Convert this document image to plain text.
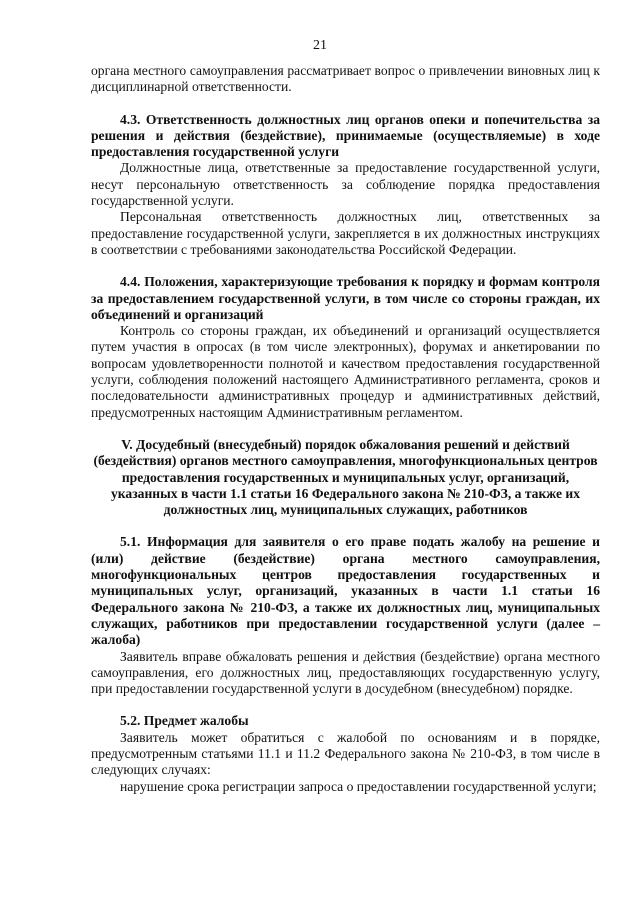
21

органа местного самоуправления рассматривает вопрос о привлечении виновных лиц к дисциплинарной ответственности.

4.3. Ответственность должностных лиц органов опеки и попечительства за решения и действия (бездействие), принимаемые (осуществляемые) в ходе предоставления государственной услуги

Должностные лица, ответственные за предоставление государственной услуги, несут персональную ответственность за соблюдение порядка предоставления государственной услуги.

Персональная ответственность должностных лиц, ответственных за предоставление государственной услуги, закрепляется в их должностных инструкциях в соответствии с требованиями законодательства Российской Федерации.

4.4. Положения, характеризующие требования к порядку и формам контроля за предоставлением государственной услуги, в том числе со стороны граждан, их объединений и организаций

Контроль со стороны граждан, их объединений и организаций осуществляется путем участия в опросах (в том числе электронных), форумах и анкетировании по вопросам удовлетворенности полнотой и качеством предоставления государственной услуги, соблюдения положений настоящего Административного регламента, сроков и последовательности административных процедур и административных действий, предусмотренных настоящим Административным регламентом.

V. Досудебный (внесудебный) порядок обжалования решений и действий (бездействия) органов местного самоуправления, многофункциональных центров предоставления государственных и муниципальных услуг, организаций, указанных в части 1.1 статьи 16 Федерального закона № 210-ФЗ, а также их должностных лиц, муниципальных служащих, работников

5.1. Информация для заявителя о его праве подать жалобу на решение и (или) действие (бездействие) органа местного самоуправления, многофункциональных центров предоставления государственных и муниципальных услуг, организаций, указанных в части 1.1 статьи 16 Федерального закона № 210-ФЗ, а также их должностных лиц, муниципальных служащих, работников при предоставлении государственной услуги (далее – жалоба)

Заявитель вправе обжаловать решения и действия (бездействие) органа местного самоуправления, его должностных лиц, предоставляющих государственную услугу, при предоставлении государственной услуги в досудебном (внесудебном) порядке.

5.2. Предмет жалобы

Заявитель может обратиться с жалобой по основаниям и в порядке, предусмотренным статьями 11.1 и 11.2 Федерального закона № 210-ФЗ, в том числе в следующих случаях:

нарушение срока регистрации запроса о предоставлении государственной услуги;
